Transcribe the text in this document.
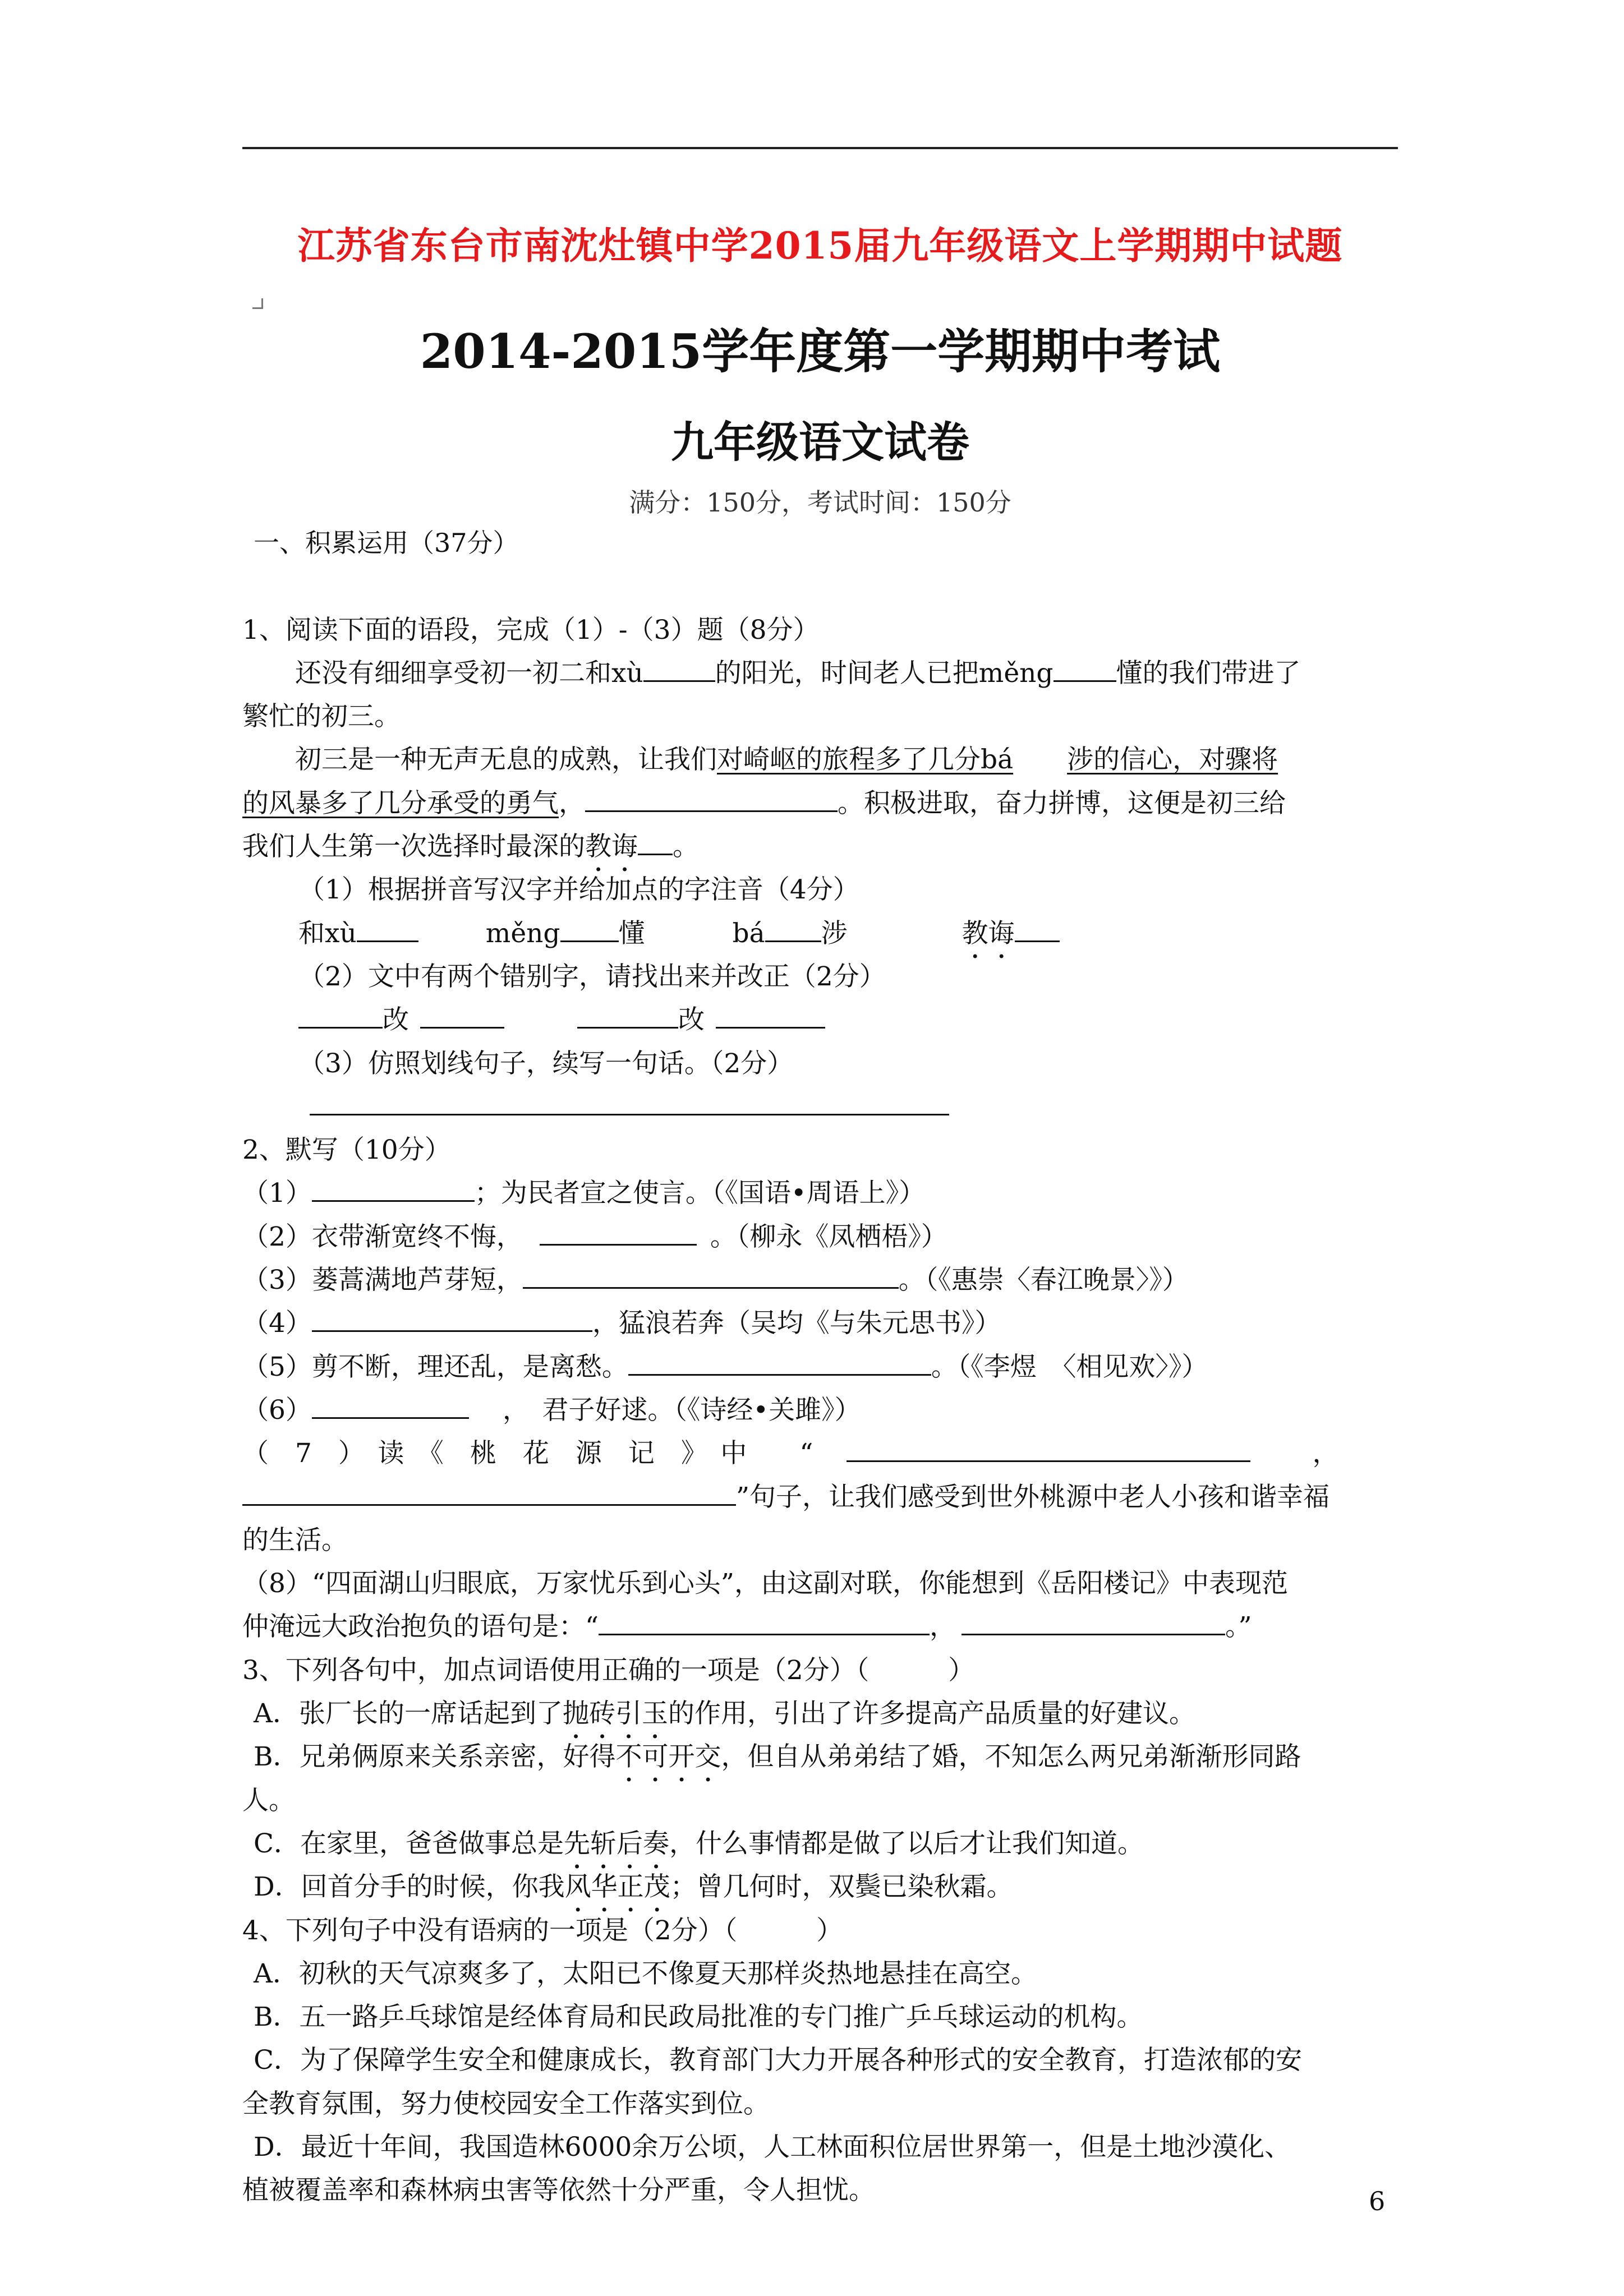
江苏省东台市南沈灶镇中学2015届九年级语文上学期期中试题
2014-2015学年度第一学期期中考试
九年级语文试卷
满分：150分，考试时间：150分
一、积累运用（37分）
1、阅读下面的语段，完成（1）-（3）题（8分）
还没有细细享受初一初二和xù	的阳光，时间老人已把měng 懂的我们带进了
繁忙的初三。
初三是一种无声无息的成熟，让我们对崎岖的旅程多了几分bá 涉的信心，对骤将
的风暴多了几分承受的勇气，	。积极进取，奋力拼博，这便是初三给
我们人生第一次选择时最深的教诲 。
（1）根据拼音写汉字并给加点的字注音（4分）
和xù	měng 懂	bá 涉	教诲
（2）文中有两个错别字，请找出来并改正（2分）
改	改
（3）仿照划线句子，续写一句话。（2分）
2、默写（10分）
（1）	；为民者宣之使言。（《国语•周语上》）
（2）衣带渐宽终不悔，	。（柳永《凤栖梧》）
（3）蒌蒿满地芦芽短，	。（《惠崇〈春江晚景〉》）
（4）	，猛浪若奔（吴均《与朱元思书》）
（5）剪不断，理还乱，是离愁。	。（《李煜　〈相见欢〉》）
（6）	，　君子好逑。（《诗经•关雎》）
（　7　）　读　《　桃　花　源　记　》　中　　“	，
”句子，让我们感受到世外桃源中老人小孩和谐幸福
的生活。
（8）“四面湖山归眼底，万家忧乐到心头”，由这副对联，你能想到《岳阳楼记》中表现范
仲淹远大政治抱负的语句是：“	，	。”
3、下列各句中，加点词语使用正确的一项是（2分）（　　　）
A．张厂长的一席话起到了抛砖引玉的作用，引出了许多提高产品质量的好建议。
B．兄弟俩原来关系亲密，好得不可开交，但自从弟弟结了婚，不知怎么两兄弟渐渐形同路
人。
C．在家里，爸爸做事总是先斩后奏，什么事情都是做了以后才让我们知道。
D．回首分手的时候，你我风华正茂；曾几何时，双鬓已染秋霜。
4、下列句子中没有语病的一项是（2分）（　　　）
A．初秋的天气凉爽多了，太阳已不像夏天那样炎热地悬挂在高空。
B．五一路乒乓球馆是经体育局和民政局批准的专门推广乒乓球运动的机构。
C．为了保障学生安全和健康成长，教育部门大力开展各种形式的安全教育，打造浓郁的安
全教育氛围，努力使校园安全工作落实到位。
D．最近十年间，我国造林6000余万公顷，人工林面积位居世界第一，但是土地沙漠化、
植被覆盖率和森林病虫害等依然十分严重，令人担忧。	6
